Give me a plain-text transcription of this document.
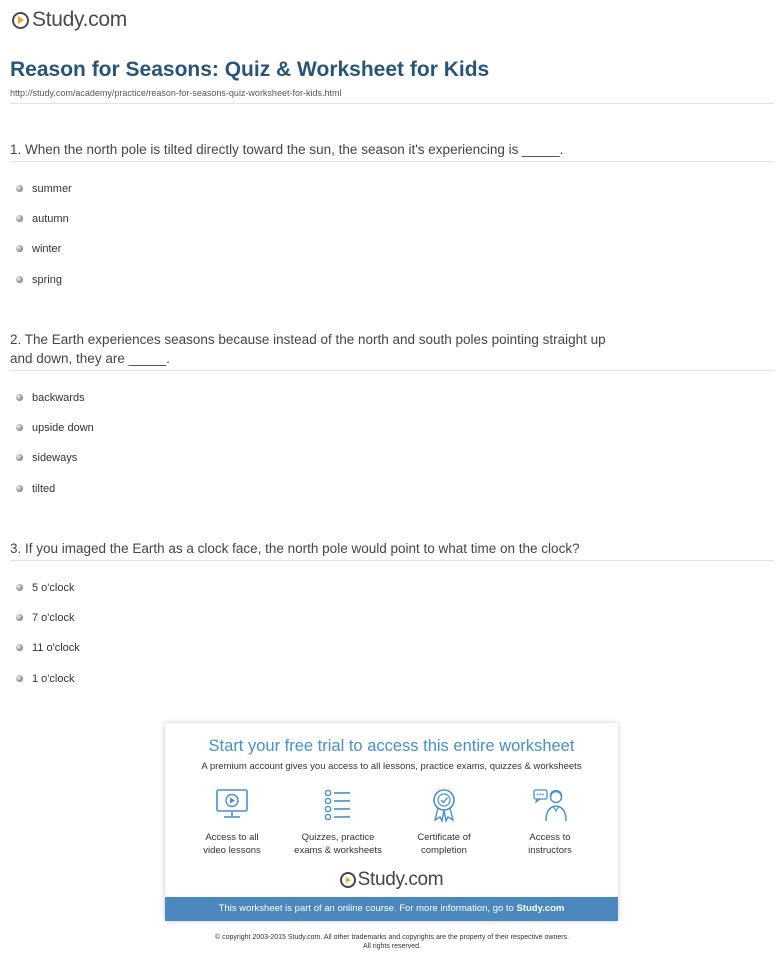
Study.com
Reason for Seasons: Quiz & Worksheet for Kids
http://study.com/academy/practice/reason-for-seasons-quiz-worksheet-for-kids.html
1. When the north pole is tilted directly toward the sun, the season it's experiencing is _____.
summer
autumn
winter
spring
2. The Earth experiences seasons because instead of the north and south poles pointing straight up and down, they are _____.
backwards
upside down
sideways
tilted
3. If you imaged the Earth as a clock face, the north pole would point to what time on the clock?
5 o'clock
7 o'clock
11 o'clock
1 o'clock
Start your free trial to access this entire worksheet
A premium account gives you access to all lessons, practice exams, quizzes & worksheets
Access to all
video lessons
Quizzes, practice
exams & worksheets
Certificate of
completion
Access to
instructors
Study.com
This worksheet is part of an online course. For more information, go to Study.com
© copyright 2003-2015 Study.com. All other trademarks and copyrights are the property of their respective owners.
All rights reserved.
